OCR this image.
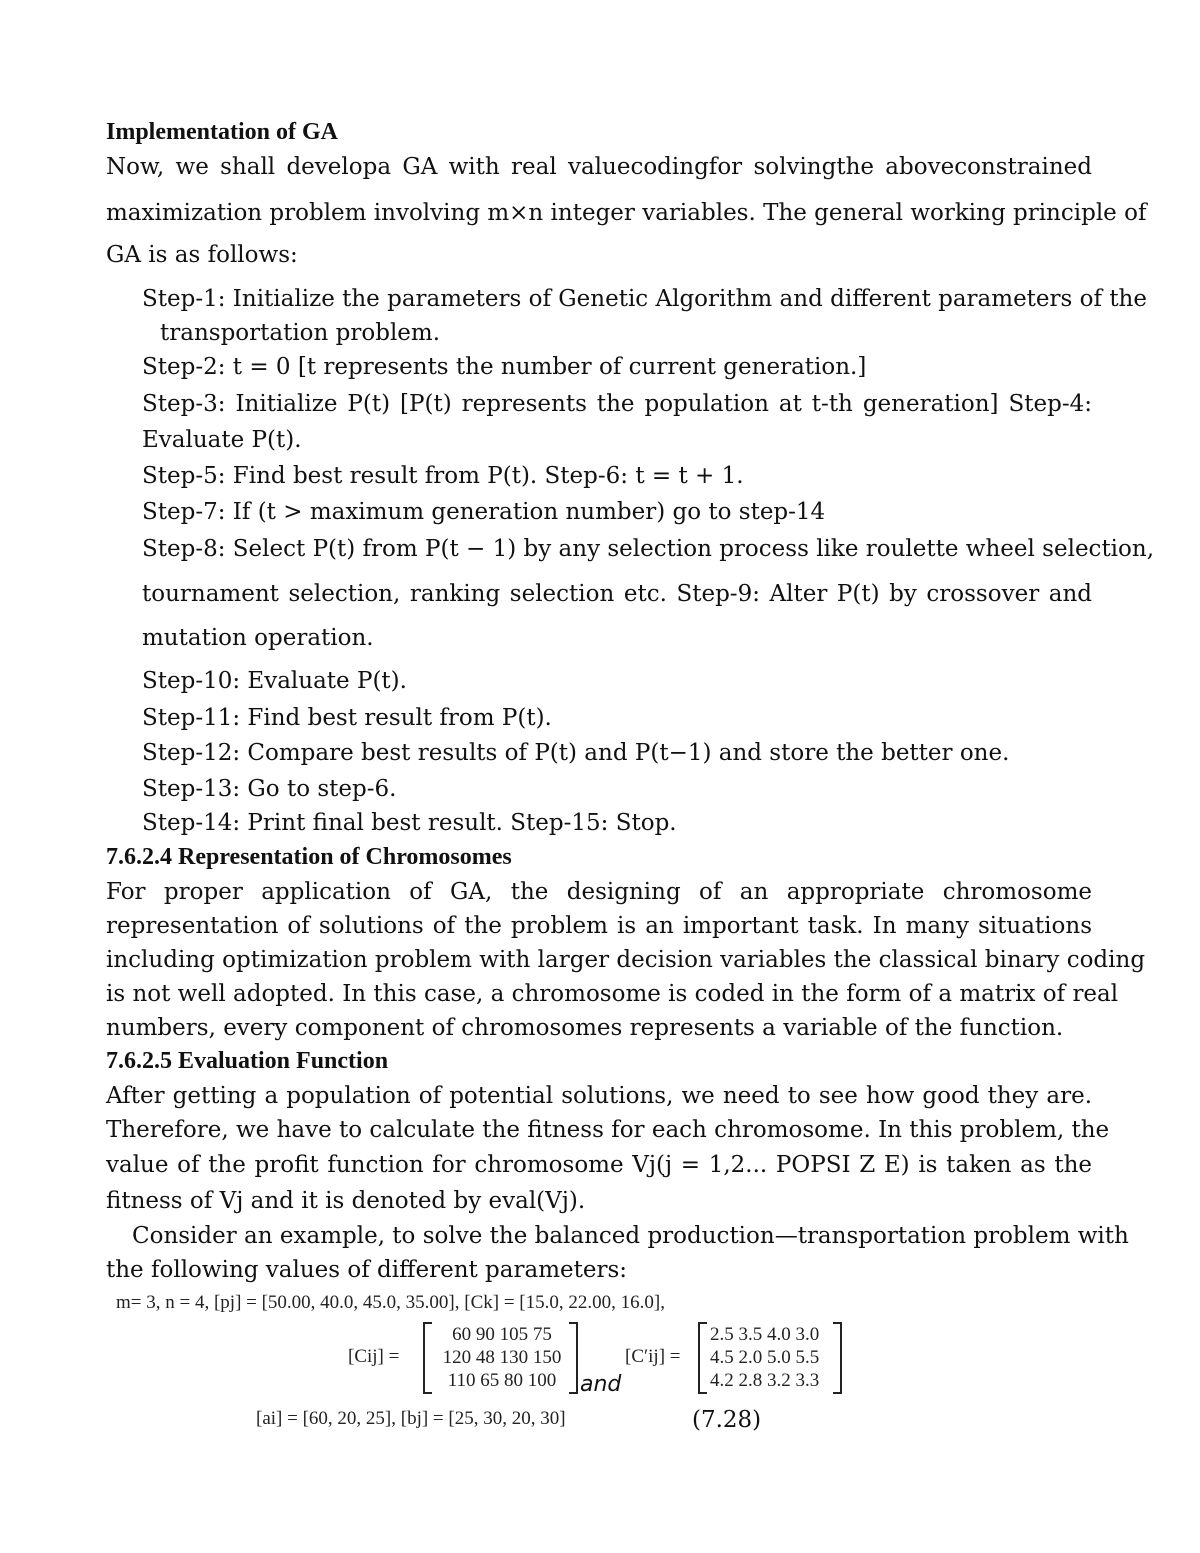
Implementation of GA
Now, we shall developa GA with real valuecodingfor solvingthe aboveconstrained
maximization problem involving m×n integer variables. The general working principle of
GA is as follows:
Step-1: Initialize the parameters of Genetic Algorithm and different parameters of the
transportation problem.
Step-2: t = 0 [t represents the number of current generation.]
Step-3: Initialize P(t) [P(t) represents the population at t-th generation] Step-4:
Evaluate P(t).
Step-5: Find best result from P(t). Step-6: t = t + 1.
Step-7: If (t > maximum generation number) go to step-14
Step-8: Select P(t) from P(t − 1) by any selection process like roulette wheel selection,
tournament selection, ranking selection etc. Step-9: Alter P(t) by crossover and
mutation operation.
Step-10: Evaluate P(t).
Step-11: Find best result from P(t).
Step-12: Compare best results of P(t) and P(t−1) and store the better one.
Step-13: Go to step-6.
Step-14: Print final best result. Step-15: Stop.
7.6.2.4 Representation of Chromosomes
For proper application of GA, the designing of an appropriate chromosome
representation of solutions of the problem is an important task. In many situations
including optimization problem with larger decision variables the classical binary coding
is not well adopted. In this case, a chromosome is coded in the form of a matrix of real
numbers, every component of chromosomes represents a variable of the function.
7.6.2.5 Evaluation Function
After getting a population of potential solutions, we need to see how good they are.
Therefore, we have to calculate the fitness for each chromosome. In this problem, the
value of the profit function for chromosome Vj(j = 1,2... POPSI Z E) is taken as the
fitness of Vj and it is denoted by eval(Vj).
Consider an example, to solve the balanced production—transportation problem with
the following values of different parameters:
m= 3, n = 4, [pj] = [50.00, 40.0, 45.0, 35.00], [Ck] = [15.0, 22.00, 16.0],
[Cij] =
60 90 105 75
120 48 130 150
110 65 80 100	and
[C′ij] =
2.5 3.5 4.0 3.0
4.5 2.0 5.0 5.5
4.2 2.8 3.2 3.3
[ai] = [60, 20, 25], [bj] = [25, 30, 20, 30]	(7.28)
